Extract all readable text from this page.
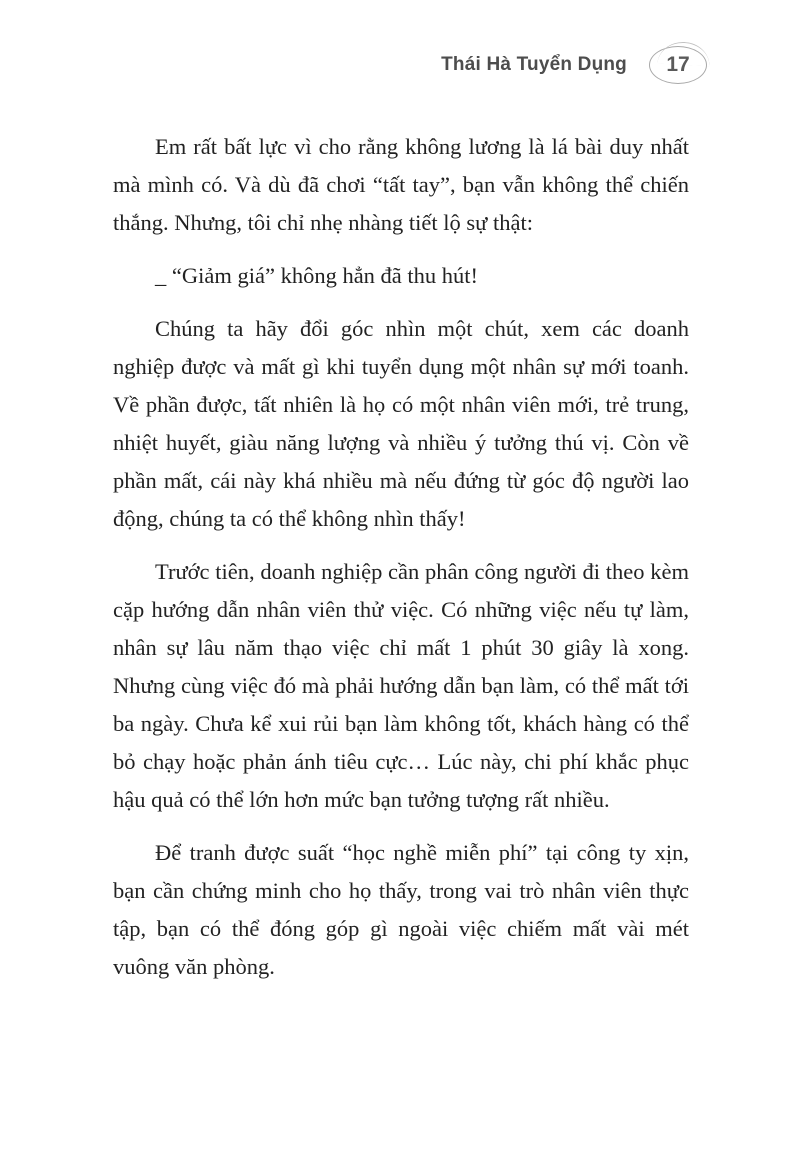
Thái Hà Tuyển Dụng 17

Em rất bất lực vì cho rằng không lương là lá bài duy nhất mà mình có. Và dù đã chơi “tất tay”, bạn vẫn không thể chiến thắng. Nhưng, tôi chỉ nhẹ nhàng tiết lộ sự thật:

_ “Giảm giá” không hẳn đã thu hút!

Chúng ta hãy đổi góc nhìn một chút, xem các doanh nghiệp được và mất gì khi tuyển dụng một nhân sự mới toanh. Về phần được, tất nhiên là họ có một nhân viên mới, trẻ trung, nhiệt huyết, giàu năng lượng và nhiều ý tưởng thú vị. Còn về phần mất, cái này khá nhiều mà nếu đứng từ góc độ người lao động, chúng ta có thể không nhìn thấy!

Trước tiên, doanh nghiệp cần phân công người đi theo kèm cặp hướng dẫn nhân viên thử việc. Có những việc nếu tự làm, nhân sự lâu năm thạo việc chỉ mất 1 phút 30 giây là xong. Nhưng cùng việc đó mà phải hướng dẫn bạn làm, có thể mất tới ba ngày. Chưa kể xui rủi bạn làm không tốt, khách hàng có thể bỏ chạy hoặc phản ánh tiêu cực… Lúc này, chi phí khắc phục hậu quả có thể lớn hơn mức bạn tưởng tượng rất nhiều.

Để tranh được suất “học nghề miễn phí” tại công ty xịn, bạn cần chứng minh cho họ thấy, trong vai trò nhân viên thực tập, bạn có thể đóng góp gì ngoài việc chiếm mất vài mét vuông văn phòng.
